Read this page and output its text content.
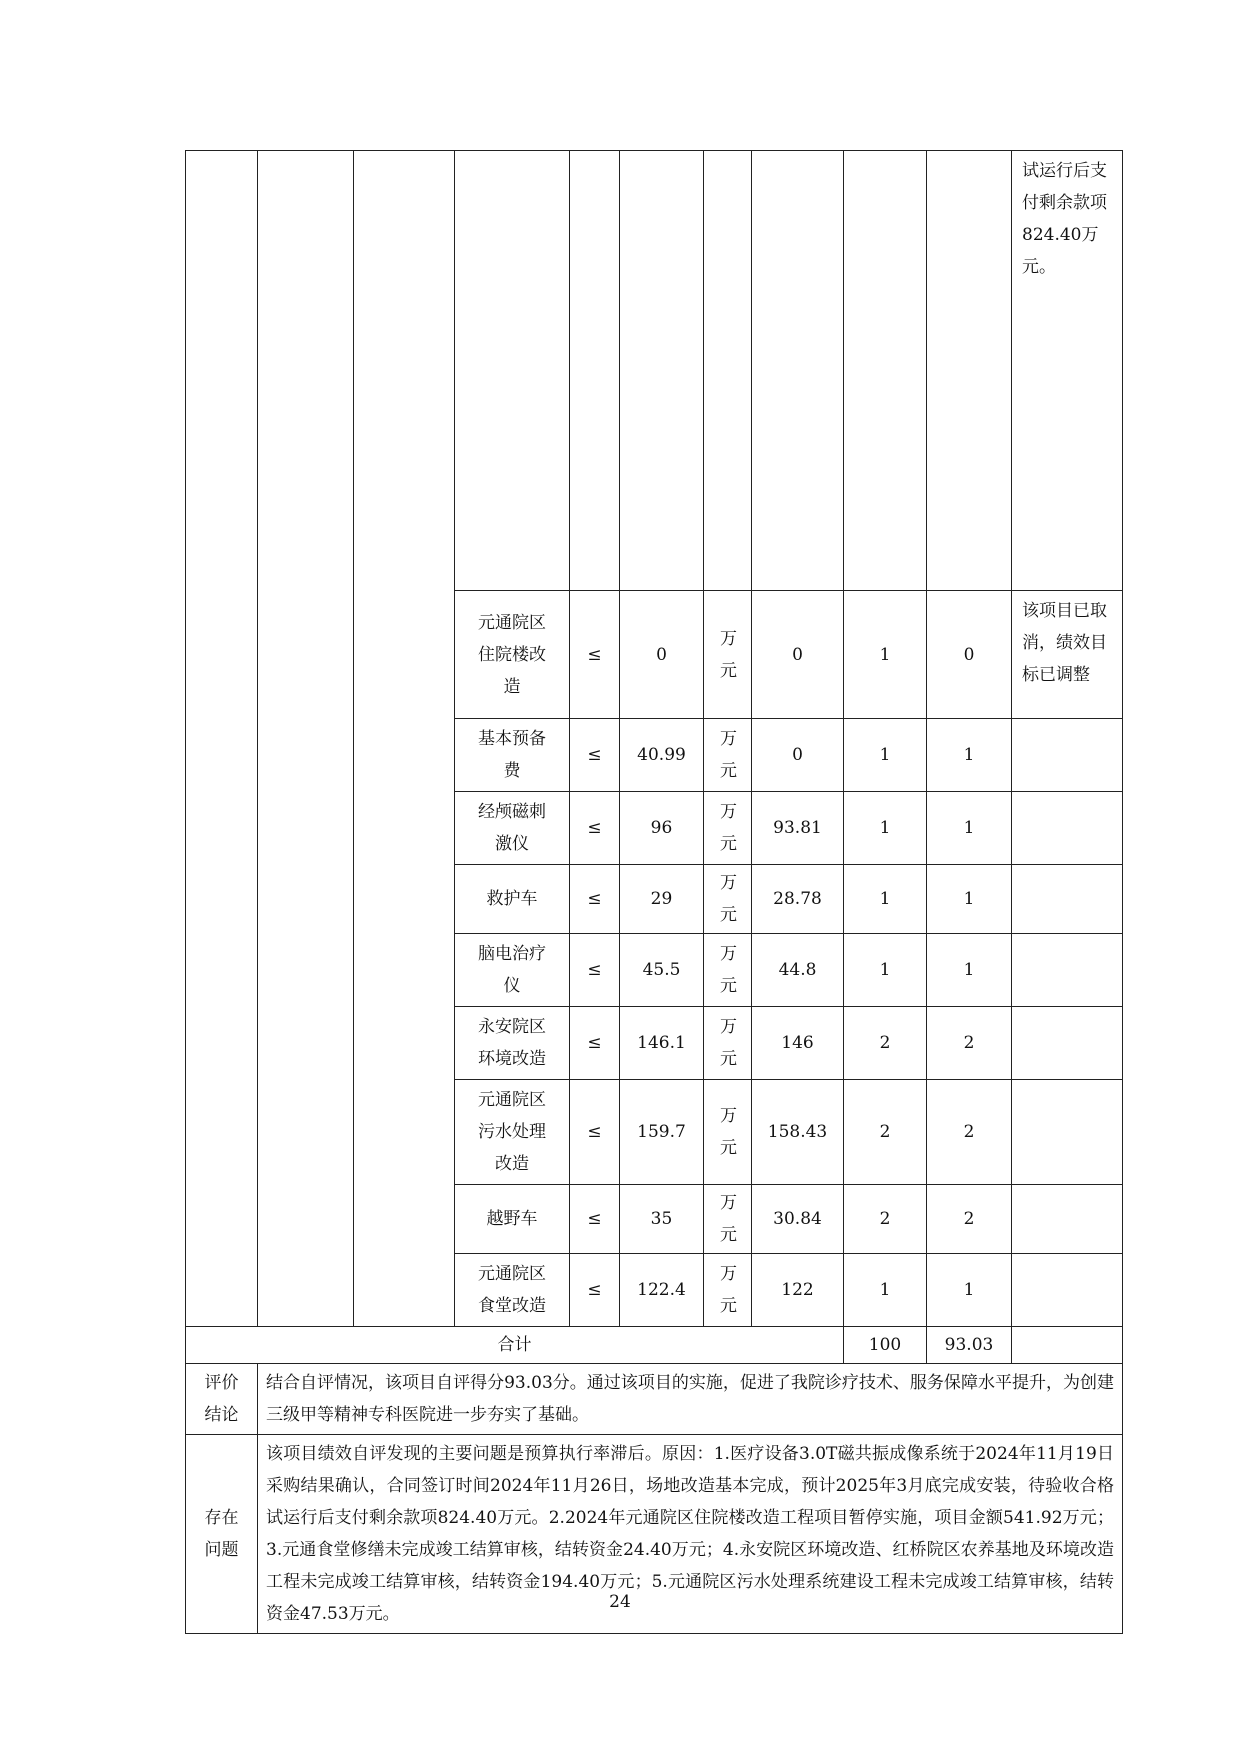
										试运行后支付剩余款项824.40万元。
			元通院区住院楼改造	≤	0	万元	0	1	0	该项目已取消，绩效目标已调整
			基本预备费	≤	40.99	万元	0	1	1	
			经颅磁刺激仪	≤	96	万元	93.81	1	1	
			救护车	≤	29	万元	28.78	1	1	
			脑电治疗仪	≤	45.5	万元	44.8	1	1	
			永安院区环境改造	≤	146.1	万元	146	2	2	
			元通院区污水处理改造	≤	159.7	万元	158.43	2	2	
			越野车	≤	35	万元	30.84	2	2	
			元通院区食堂改造	≤	122.4	万元	122	1	1	
合计								100	93.03	
评价结论	结合自评情况，该项目自评得分93.03分。通过该项目的实施，促进了我院诊疗技术、服务保障水平提升，为创建三级甲等精神专科医院进一步夯实了基础。									
存在问题	该项目绩效自评发现的主要问题是预算执行率滞后。原因：1.医疗设备3.0T磁共振成像系统于2024年11月19日采购结果确认，合同签订时间2024年11月26日，场地改造基本完成，预计2025年3月底完成安装，待验收合格试运行后支付剩余款项824.40万元。2.2024年元通院区住院楼改造工程项目暂停实施，项目金额541.92万元；3.元通食堂修缮未完成竣工结算审核，结转资金24.40万元；4.永安院区环境改造、红桥院区农养基地及环境改造工程未完成竣工结算审核，结转资金194.40万元；5.元通院区污水处理系统建设工程未完成竣工结算审核，结转资金47.53万元。									
24
